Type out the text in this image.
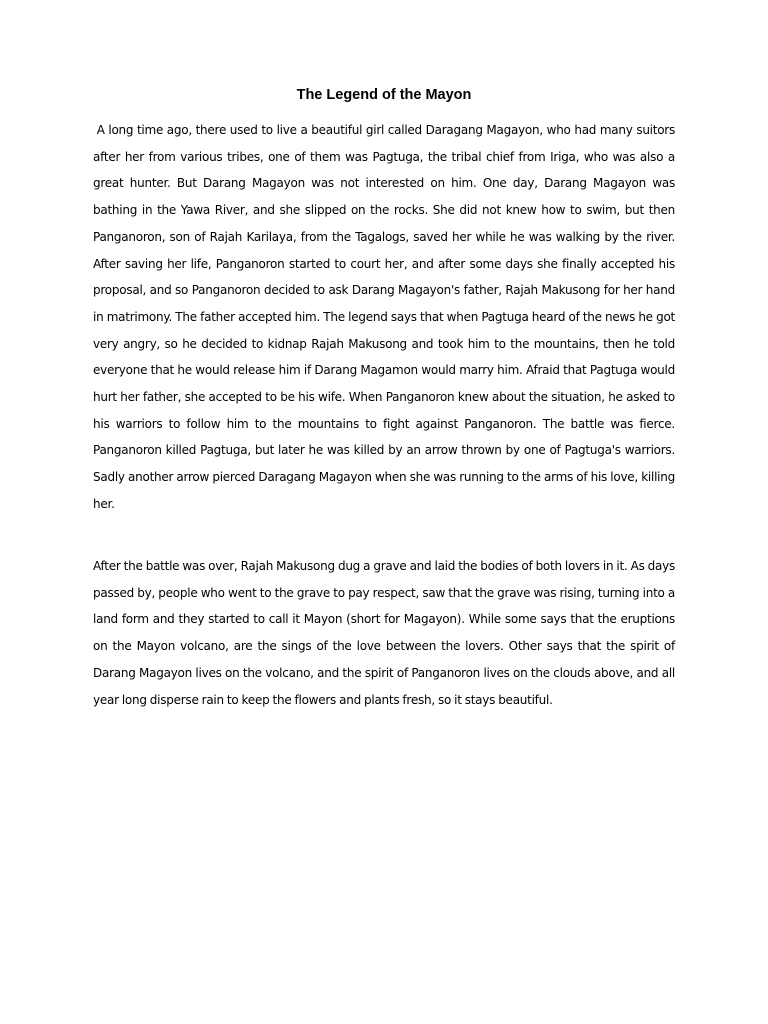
The Legend of the Mayon

A long time ago, there used to live a beautiful girl called Daragang Magayon, who had many suitors after her from various tribes, one of them was Pagtuga, the tribal chief from Iriga, who was also a great hunter. But Darang Magayon was not interested on him. One day, Darang Magayon was bathing in the Yawa River, and she slipped on the rocks. She did not knew how to swim, but then Panganoron, son of Rajah Karilaya, from the Tagalogs, saved her while he was walking by the river. After saving her life, Panganoron started to court her, and after some days she finally accepted his proposal, and so Panganoron decided to ask Darang Magayon's father, Rajah Makusong for her hand in matrimony. The father accepted him. The legend says that when Pagtuga heard of the news he got very angry, so he decided to kidnap Rajah Makusong and took him to the mountains, then he told everyone that he would release him if Darang Magamon would marry him. Afraid that Pagtuga would hurt her father, she accepted to be his wife. When Panganoron knew about the situation, he asked to his warriors to follow him to the mountains to fight against Panganoron. The battle was fierce. Panganoron killed Pagtuga, but later he was killed by an arrow thrown by one of Pagtuga's warriors. Sadly another arrow pierced Daragang Magayon when she was running to the arms of his love, killing her.

After the battle was over, Rajah Makusong dug a grave and laid the bodies of both lovers in it. As days passed by, people who went to the grave to pay respect, saw that the grave was rising, turning into a land form and they started to call it Mayon (short for Magayon). While some says that the eruptions on the Mayon volcano, are the sings of the love between the lovers. Other says that the spirit of Darang Magayon lives on the volcano, and the spirit of Panganoron lives on the clouds above, and all year long disperse rain to keep the flowers and plants fresh, so it stays beautiful.
